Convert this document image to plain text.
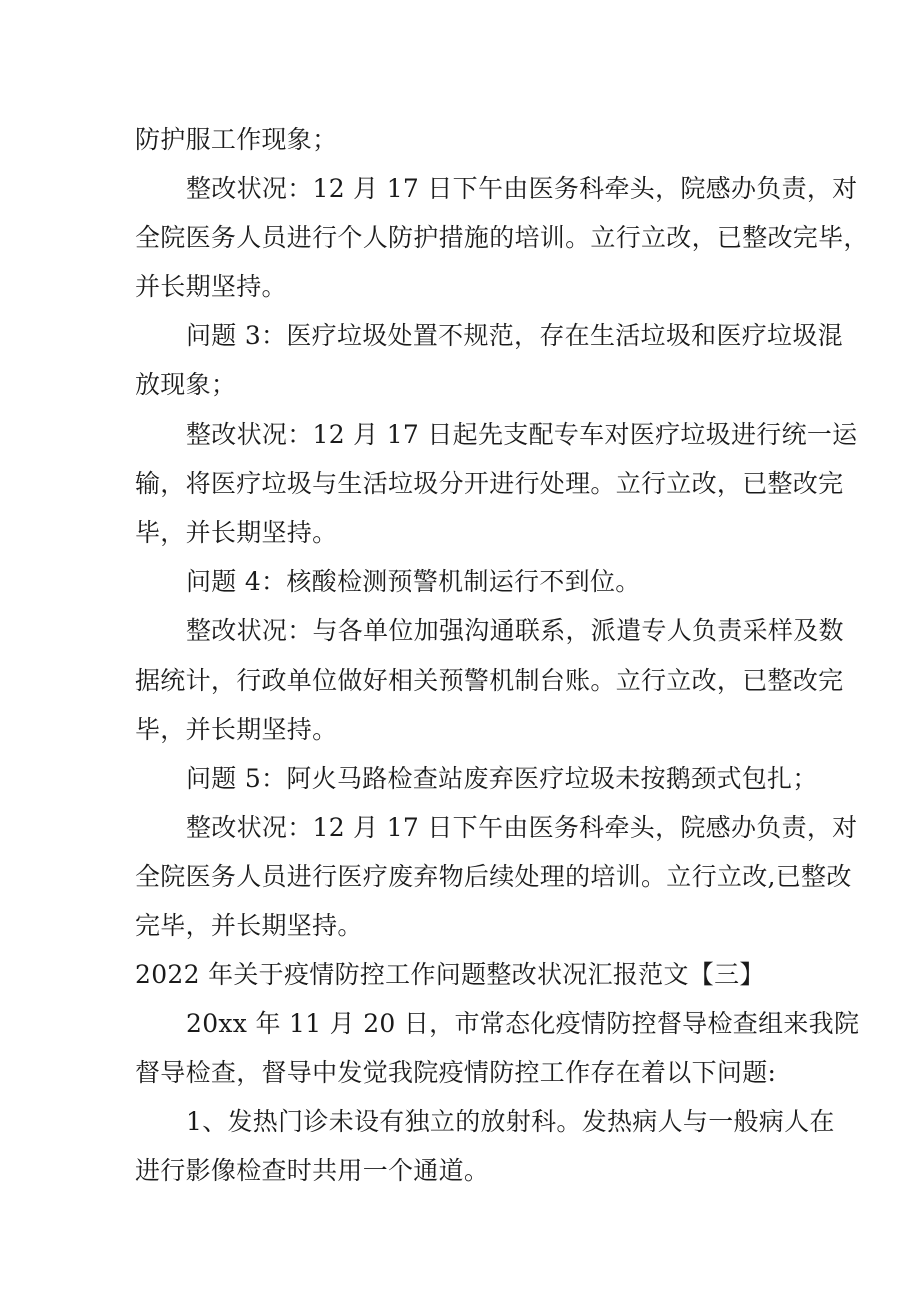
防护服工作现象；
整改状况：12 月 17 日下午由医务科牵头，院感办负责，对
全院医务人员进行个人防护措施的培训。立行立改，已整改完毕，
并长期坚持。
问题 3：医疗垃圾处置不规范，存在生活垃圾和医疗垃圾混
放现象；
整改状况：12 月 17 日起先支配专车对医疗垃圾进行统一运
输，将医疗垃圾与生活垃圾分开进行处理。立行立改，已整改完
毕，并长期坚持。
问题 4：核酸检测预警机制运行不到位。
整改状况：与各单位加强沟通联系，派遣专人负责采样及数
据统计，行政单位做好相关预警机制台账。立行立改，已整改完
毕，并长期坚持。
问题 5：阿火马路检查站废弃医疗垃圾未按鹅颈式包扎；
整改状况：12 月 17 日下午由医务科牵头，院感办负责，对
全院医务人员进行医疗废弃物后续处理的培训。立行立改,已整改
完毕，并长期坚持。
2022 年关于疫情防控工作问题整改状况汇报范文【三】
20xx 年 11 月 20 日，市常态化疫情防控督导检查组来我院
督导检查，督导中发觉我院疫情防控工作存在着以下问题:
1、发热门诊未设有独立的放射科。发热病人与一般病人在
进行影像检查时共用一个通道。
